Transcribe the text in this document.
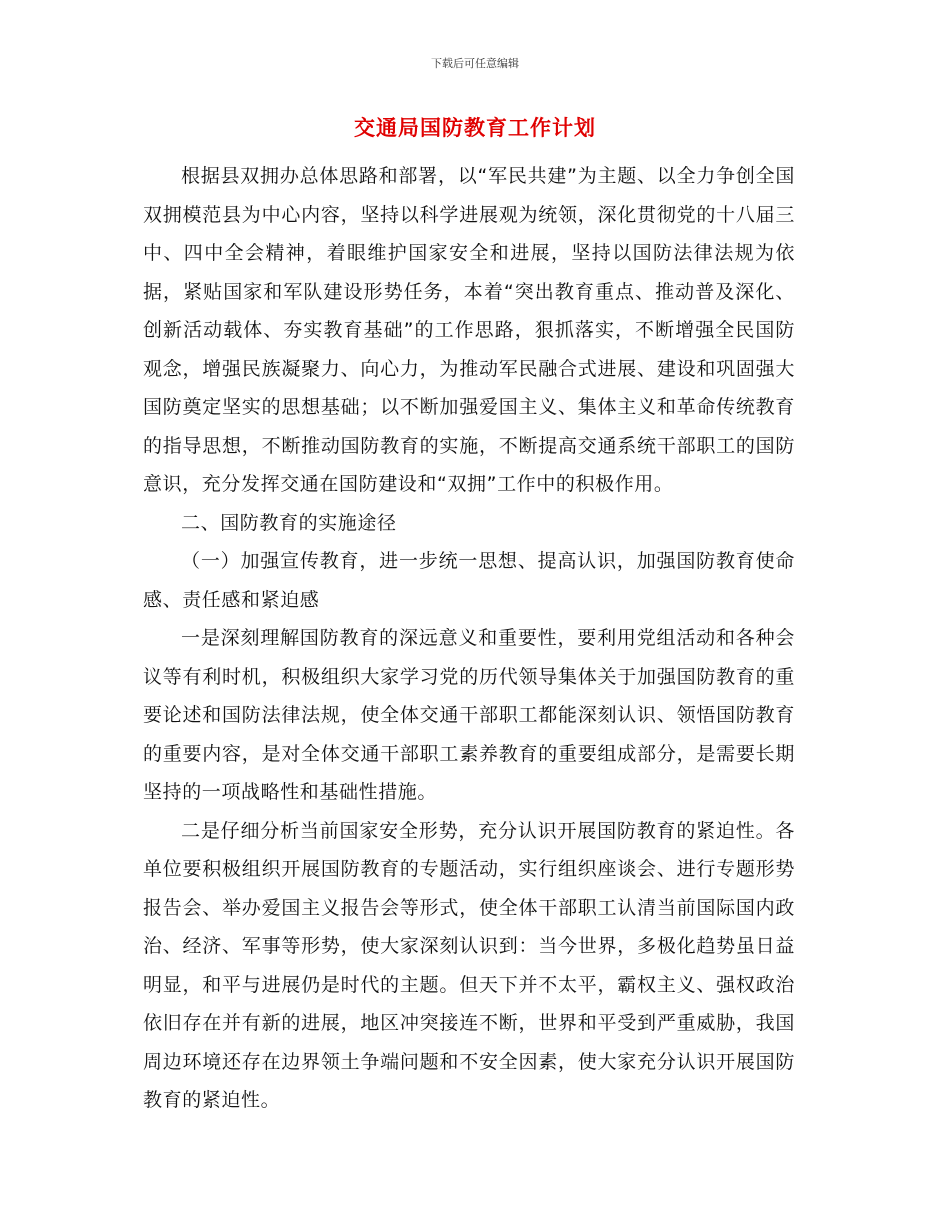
下载后可任意编辑
交通局国防教育工作计划

根据县双拥办总体思路和部署，以“军民共建”为主题、以全力争创全国双拥模范县为中心内容，坚持以科学进展观为统领，深化贯彻党的十八届三中、四中全会精神，着眼维护国家安全和进展，坚持以国防法律法规为依据，紧贴国家和军队建设形势任务，本着“突出教育重点、推动普及深化、创新活动载体、夯实教育基础”的工作思路，狠抓落实，不断增强全民国防观念，增强民族凝聚力、向心力，为推动军民融合式进展、建设和巩固强大国防奠定坚实的思想基础；以不断加强爱国主义、集体主义和革命传统教育的指导思想，不断推动国防教育的实施，不断提高交通系统干部职工的国防意识，充分发挥交通在国防建设和“双拥”工作中的积极作用。

二、国防教育的实施途径

（一）加强宣传教育，进一步统一思想、提高认识，加强国防教育使命感、责任感和紧迫感

一是深刻理解国防教育的深远意义和重要性，要利用党组活动和各种会议等有利时机，积极组织大家学习党的历代领导集体关于加强国防教育的重要论述和国防法律法规，使全体交通干部职工都能深刻认识、领悟国防教育的重要内容，是对全体交通干部职工素养教育的重要组成部分，是需要长期坚持的一项战略性和基础性措施。

二是仔细分析当前国家安全形势，充分认识开展国防教育的紧迫性。各单位要积极组织开展国防教育的专题活动，实行组织座谈会、进行专题形势报告会、举办爱国主义报告会等形式，使全体干部职工认清当前国际国内政治、经济、军事等形势，使大家深刻认识到：当今世界，多极化趋势虽日益明显，和平与进展仍是时代的主题。但天下并不太平，霸权主义、强权政治依旧存在并有新的进展，地区冲突接连不断，世界和平受到严重威胁，我国周边环境还存在边界领土争端问题和不安全因素，使大家充分认识开展国防教育的紧迫性。
